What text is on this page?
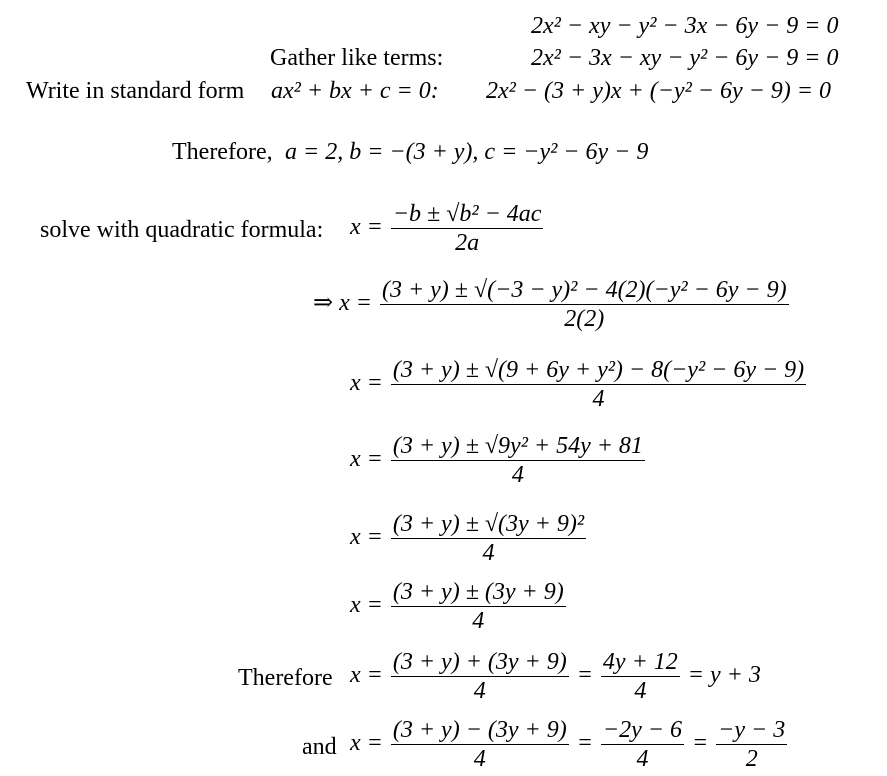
2x² − xy − y² − 3x − 6y − 9 = 0
Gather like terms:	2x² − 3x − xy − y² − 6y − 9 = 0
Write in standard form ax² + bx + c = 0: 2x² − (3 + y)x + (−y² − 6y − 9) = 0
Therefore, a = 2, b = −(3 + y), c = −y² − 6y − 9
solve with quadratic formula: $x = \frac{\text{−b ± √b² − 4ac}}{2a}$
⇒ $x = \frac{\text{(3 + y) ± √(−3 − y)² − 4(2)(−y² − 6y − 9)}}{2(2)}$
$x = \frac{\text{(3 + y) ± √(9 + 6y + y²) − 8(−y² − 6y − 9)}}{4}$
$x = \frac{\text{(3 + y) ± √9y² + 54y + 81}}{4}$
$x = \frac{\text{(3 + y) ± √(3y + 9)²}}{4}$
$x = \frac{(3 + y) \pm (3y + 9)}{4}$
Therefore $x = \frac{(3 + y) + (3y + 9)}{4} = \frac{4y + 12}{4} = y + 3$
and $x = \frac{(3 + y) - (3y + 9)}{4} = \frac{-2y - 6}{4} = \frac{-y - 3}{2}$
